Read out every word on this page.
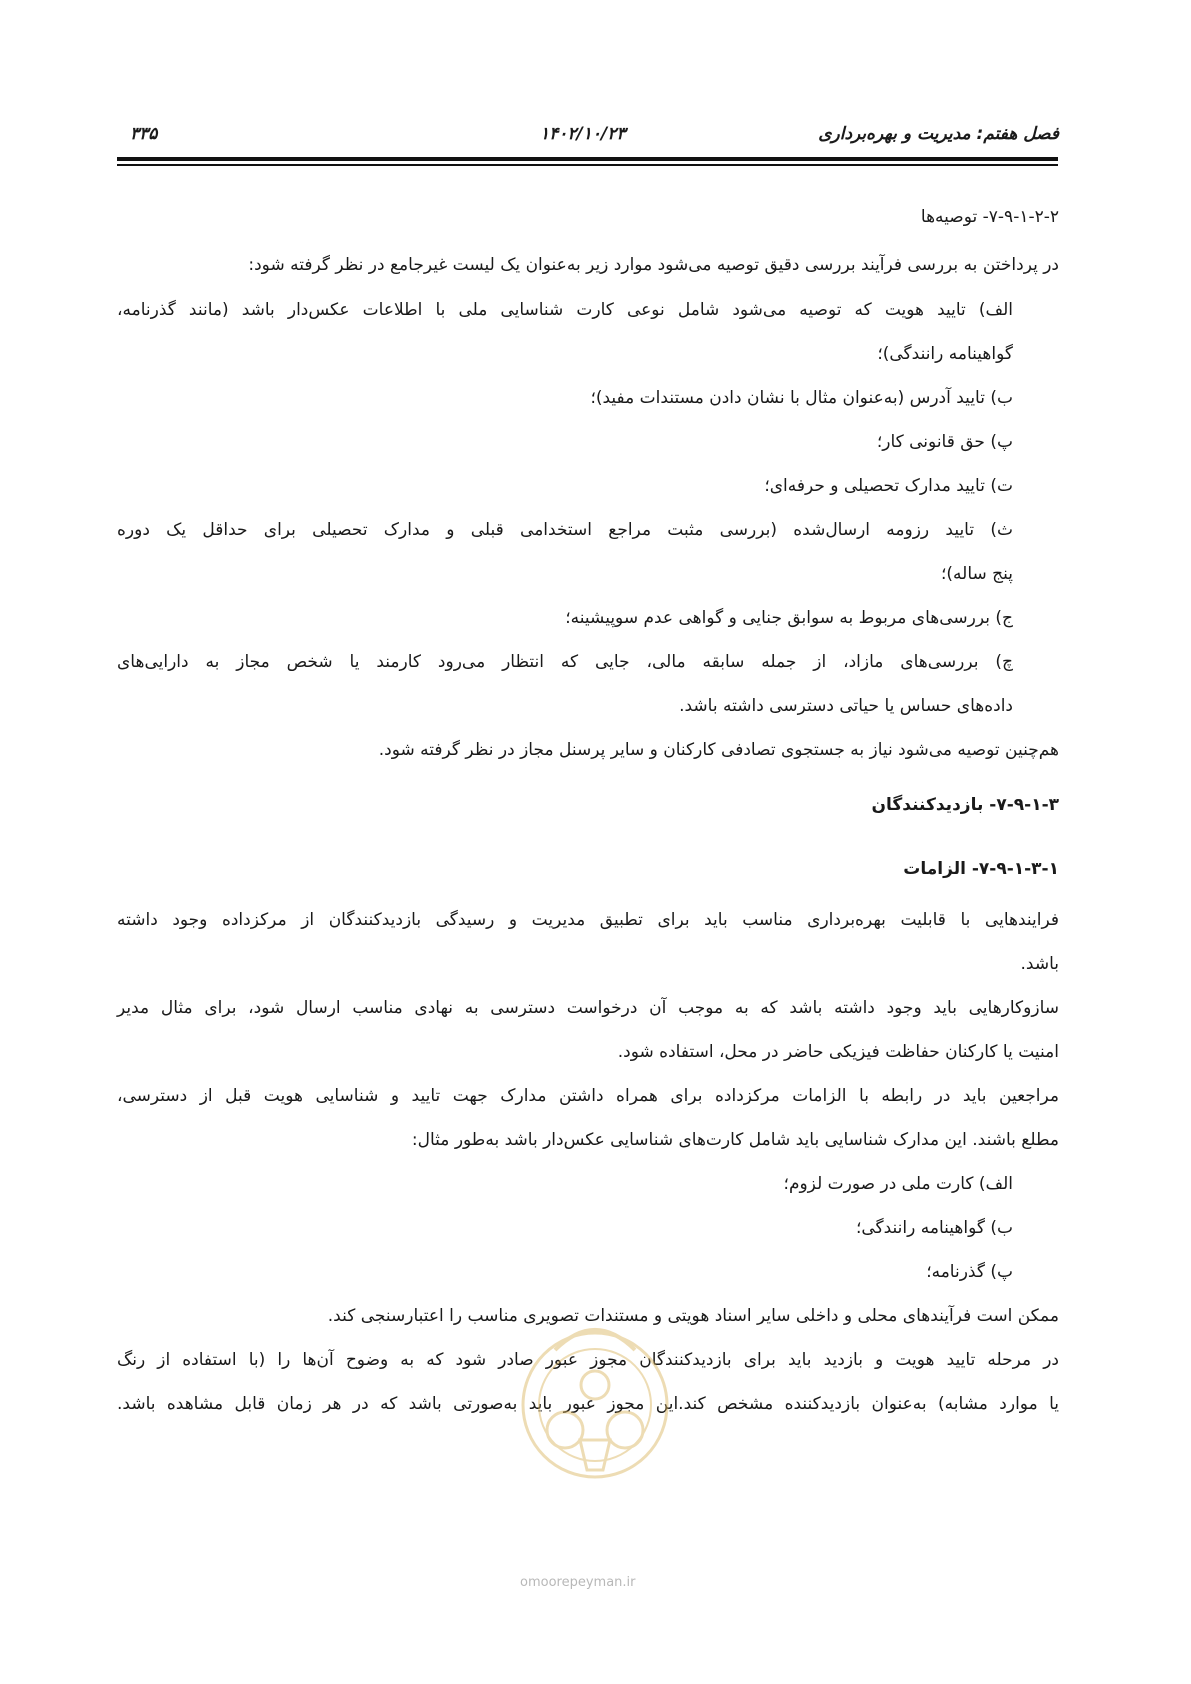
فصل هفتم: مدیریت و بهره‌برداری
۱۴۰۲/۱۰/۲۳
۳۳۵
۷-۹-۱-۲-۲- توصیه‌ها
در پرداختن به بررسی فرآیند بررسی دقیق توصیه می‌شود موارد زیر به‌عنوان یک لیست غیرجامع در نظر گرفته شود:
الف) تایید هویت که توصیه می‌شود شامل نوعی کارت شناسایی ملی با اطلاعات عکس‌دار باشد (مانند گذرنامه،
گواهینامه رانندگی)؛
ب) تایید آدرس (به‌عنوان مثال با نشان دادن مستندات مفید)؛
پ) حق قانونی کار؛
ت) تایید مدارک تحصیلی و حرفه‌ای؛
ث) تایید رزومه ارسال‌شده (بررسی مثبت مراجع استخدامی قبلی و مدارک تحصیلی برای حداقل یک دوره
پنج ساله)؛
ج) بررسی‌های مربوط به سوابق جنایی و گواهی عدم سوپیشینه؛
چ) بررسی‌های مازاد، از جمله سابقه مالی، جایی که انتظار می‌رود کارمند یا شخص مجاز به دارایی‌های
داده‌های حساس یا حیاتی دسترسی داشته باشد.
هم‌چنین توصیه می‌شود نیاز به جستجوی تصادفی کارکنان و سایر پرسنل مجاز در نظر گرفته شود.
۷-۹-۱-۳- بازدیدکنندگان
۷-۹-۱-۳-۱- الزامات
فرایندهایی با قابلیت بهره‌برداری مناسب باید برای تطبیق مدیریت و رسیدگی بازدیدکنندگان از مرکزداده وجود داشته
باشد.
سازوکارهایی باید وجود داشته باشد که به موجب آن درخواست دسترسی به نهادی مناسب ارسال شود، برای مثال مدیر
امنیت یا کارکنان حفاظت فیزیکی حاضر در محل، استفاده شود.
مراجعین باید در رابطه با الزامات مرکزداده برای همراه داشتن مدارک جهت تایید و شناسایی هویت قبل از دسترسی،
مطلع باشند. این مدارک شناسایی باید شامل کارت‌های شناسایی عکس‌دار باشد به‌طور مثال:
الف) کارت ملی در صورت لزوم؛
ب) گواهینامه رانندگی؛
پ) گذرنامه؛
ممکن است فرآیندهای محلی و داخلی سایر اسناد هویتی و مستندات تصویری مناسب را اعتبارسنجی کند.
در مرحله تایید هویت و بازدید باید برای بازدیدکنندگان مجوز عبور صادر شود که به وضوح آن‌ها را (با استفاده از رنگ
یا موارد مشابه) به‌عنوان بازدیدکننده مشخص کند.این مجوز عبور باید به‌صورتی باشد که در هر زمان قابل مشاهده باشد.
omoorepeyman.ir
